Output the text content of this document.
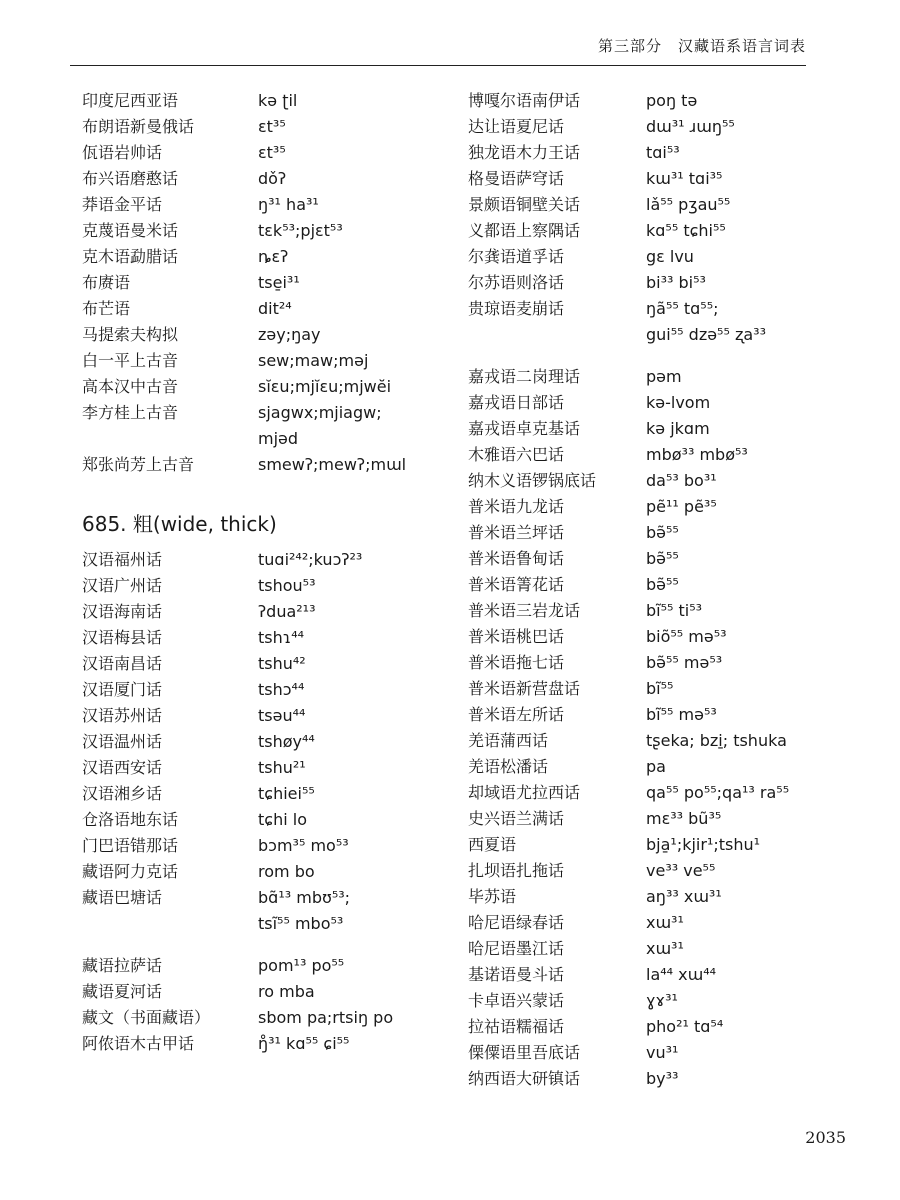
第三部分　汉藏语系语言词表
印度尼西亚语	kə ʈil
布朗语新曼俄话	ɛt³⁵
佤语岩帅话	ɛt³⁵
布兴语磨憨话	dǒʔ
莽语金平话	ŋ³¹ ha³¹
克蔑语曼米话	tɛk⁵³;pjɛt⁵³
克木语勐腊话	ȵɛʔ
布赓语	tse̱i³¹
布芒语	dit²⁴
马提索夫构拟	zəy;ŋay
白一平上古音	sew;maw;məj
高本汉中古音	sĭɛu;mjĭɛu;mjwĕi
李方桂上古音	sjagwx;mjiagw;
mjəd
郑张尚芳上古音	smewʔ;mewʔ;mɯl
685. 粗(wide, thick)
汉语福州话	tuɑi²⁴²;kuɔʔ²³
汉语广州话	tshou⁵³
汉语海南话	ʔdua²¹³
汉语梅县话	tshɿ⁴⁴
汉语南昌话	tshu⁴²
汉语厦门话	tshɔ⁴⁴
汉语苏州话	tsəu⁴⁴
汉语温州话	tshøy⁴⁴
汉语西安话	tshu²¹
汉语湘乡话	tɕhiei⁵⁵
仓洛语地东话	tɕhi lo
门巴语错那话	bɔm³⁵ mo⁵³
藏语阿力克话	rom bo
藏语巴塘话	bɑ̃¹³ mbʊ⁵³;
tsĩ⁵⁵ mbo⁵³
藏语拉萨话	pom¹³ po⁵⁵
藏语夏河话	ro mba
藏文（书面藏语）	sbom pa;rtsiŋ po
阿侬语木古甲话	ŋ̊³¹ kɑ⁵⁵ ɕi⁵⁵
博嘎尔语南伊话	poŋ tə
达让语夏尼话	dɯ³¹ ɹɯŋ⁵⁵
独龙语木力王话	tɑi⁵³
格曼语萨穹话	kɯ³¹ tɑi³⁵
景颇语铜壁关话	lǎ⁵⁵ pʒau⁵⁵
义都语上察隅话	kɑ⁵⁵ tɕhi⁵⁵
尔龚语道孚话	gɛ lvu
尔苏语则洛话	bi³³ bi⁵³
贵琼语麦崩话	ŋã⁵⁵ tɑ⁵⁵;
gui⁵⁵ dzə⁵⁵ ʐa³³
嘉戎语二岗理话	pəm
嘉戎语日部话	kə-lvom
嘉戎语卓克基话	kə jkɑm
木雅语六巴话	mbø³³ mbø⁵³
纳木义语锣锅底话	da⁵³ bo³¹
普米语九龙话	pẽ¹¹ pẽ³⁵
普米语兰坪话	bə̃⁵⁵
普米语鲁甸话	bə̃⁵⁵
普米语箐花话	bə̃⁵⁵
普米语三岩龙话	bĩ⁵⁵ ti⁵³
普米语桃巴话	biõ⁵⁵ mə⁵³
普米语拖七话	bə̃⁵⁵ mə⁵³
普米语新营盘话	bĩ⁵⁵
普米语左所话	bĩ⁵⁵ mə⁵³
羌语蒲西话	tʂeka; bzi̱; tshuka
羌语松潘话	pa
却域语尤拉西话	qa⁵⁵ po⁵⁵;qa¹³ ra⁵⁵
史兴语兰满话	mɛ³³ bũ³⁵
西夏语	bja̱¹;kjir¹;tshu¹
扎坝语扎拖话	ve³³ ve⁵⁵
毕苏语	aŋ³³ xɯ³¹
哈尼语绿春话	xɯ³¹
哈尼语墨江话	xɯ³¹
基诺语曼斗话	la⁴⁴ xɯ⁴⁴
卡卓语兴蒙话	ɣɤ³¹
拉祜语糯福话	pho²¹ tɑ⁵⁴
傈僳语里吾底话	vu³¹
纳西语大研镇话	by³³
2035
